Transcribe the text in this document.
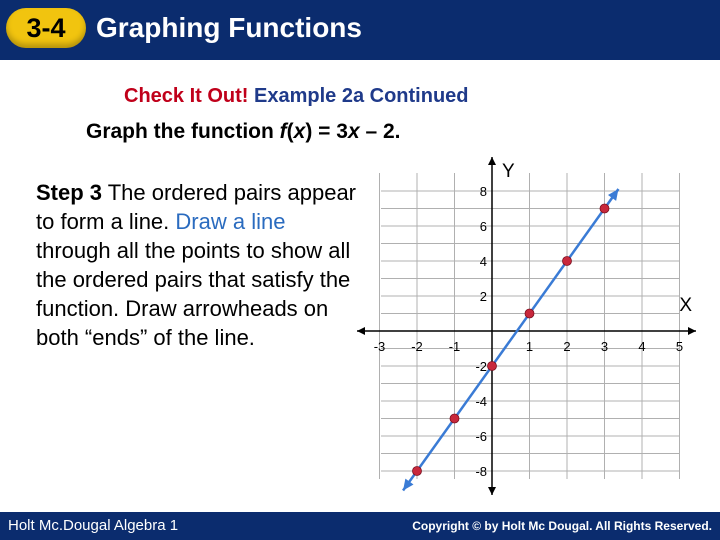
3-4	Graphing Functions
Check It Out! Example 2a Continued
Graph the function f(x) = 3x – 2.
Step 3 The ordered pairs appear to form a line. Draw a line through all the points to show all the ordered pairs that satisfy the function. Draw arrowheads on both “ends” of the line.	-3 -2 -1	1 2 3 4 5
8
6
4
2
-2
-4
-6
-8
X
Y
Holt Mc.Dougal Algebra 1	Copyright © by Holt Mc Dougal. All Rights Reserved.
